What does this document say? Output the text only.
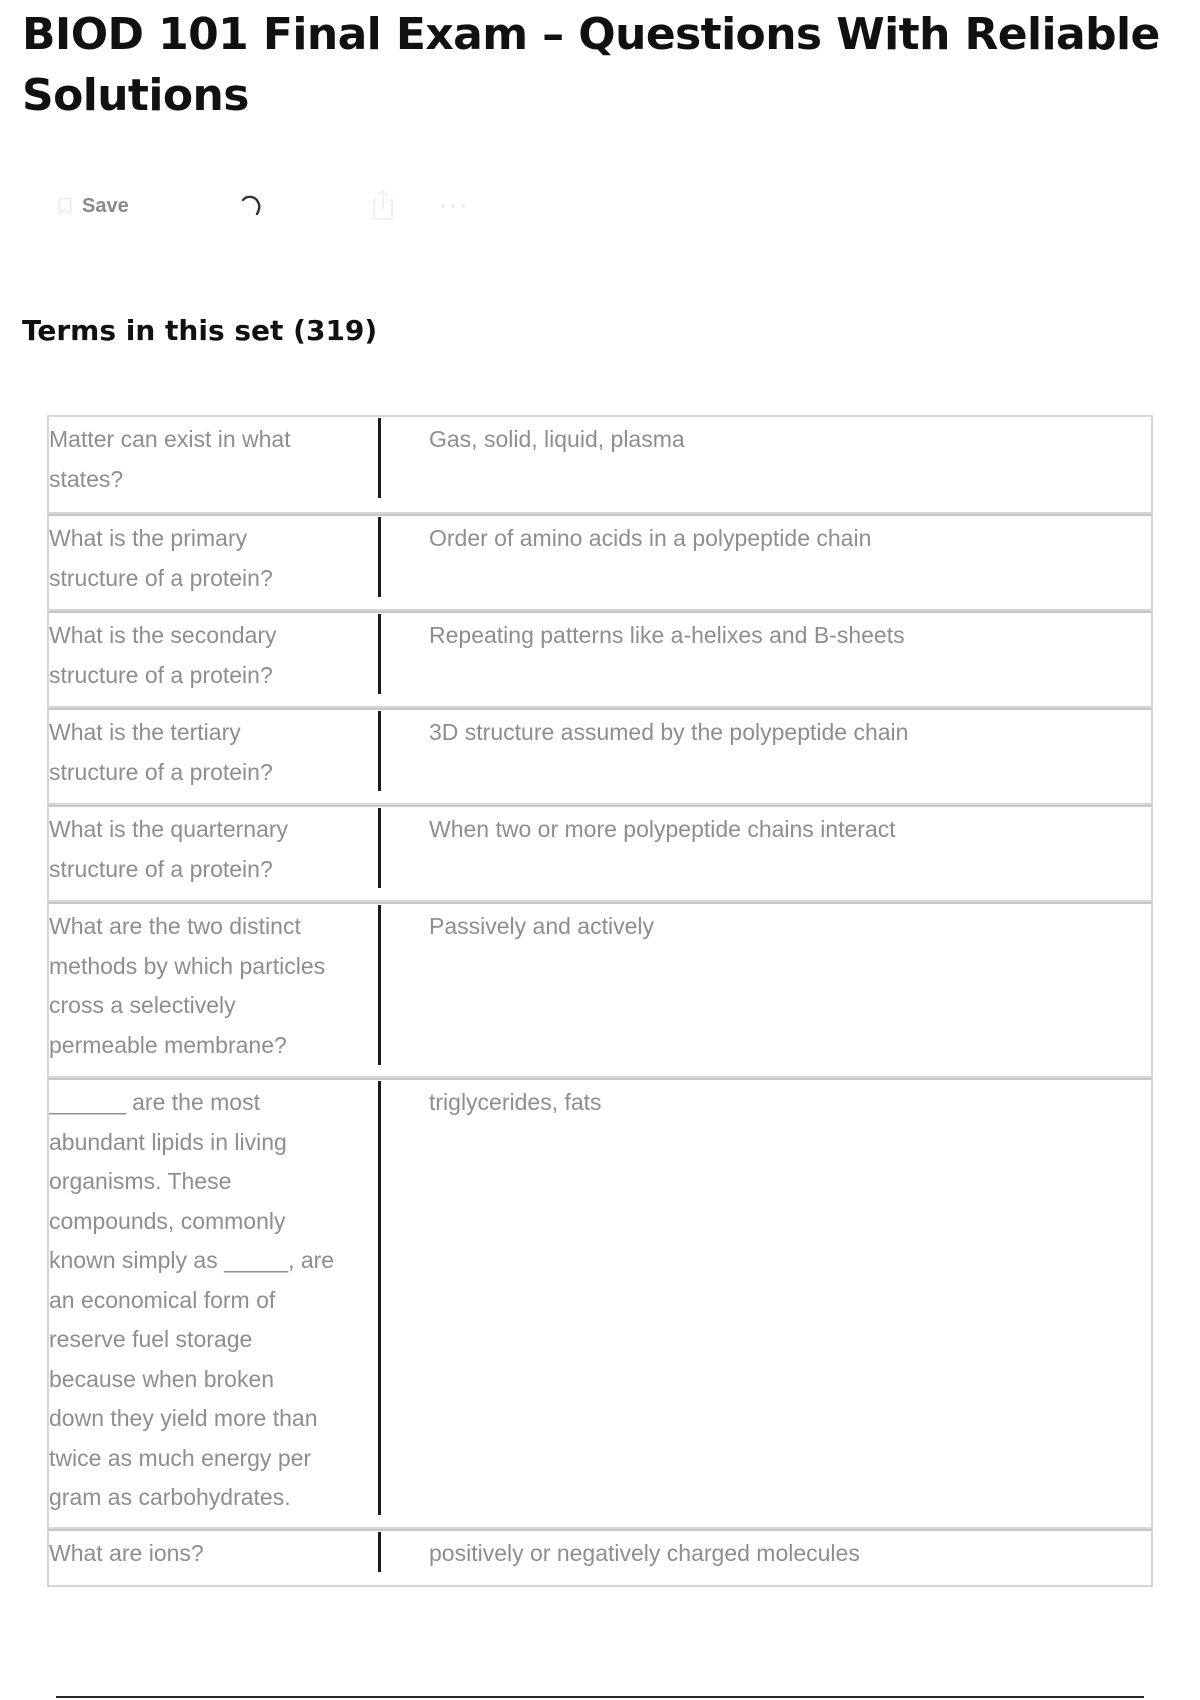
BIOD 101 Final Exam – Questions With Reliable Solutions
Save
Terms in this set (319)
Matter can exist in what
states?
Gas, solid, liquid, plasma
What is the primary
structure of a protein?
Order of amino acids in a polypeptide chain
What is the secondary
structure of a protein?
Repeating patterns like a-helixes and B-sheets
What is the tertiary
structure of a protein?
3D structure assumed by the polypeptide chain
What is the quarternary
structure of a protein?
When two or more polypeptide chains interact
What are the two distinct
methods by which particles
cross a selectively
permeable membrane?
Passively and actively
______ are the most
abundant lipids in living
organisms. These
compounds, commonly
known simply as _____, are
an economical form of
reserve fuel storage
because when broken
down they yield more than
twice as much energy per
gram as carbohydrates.
triglycerides, fats
What are ions?	positively or negatively charged molecules
